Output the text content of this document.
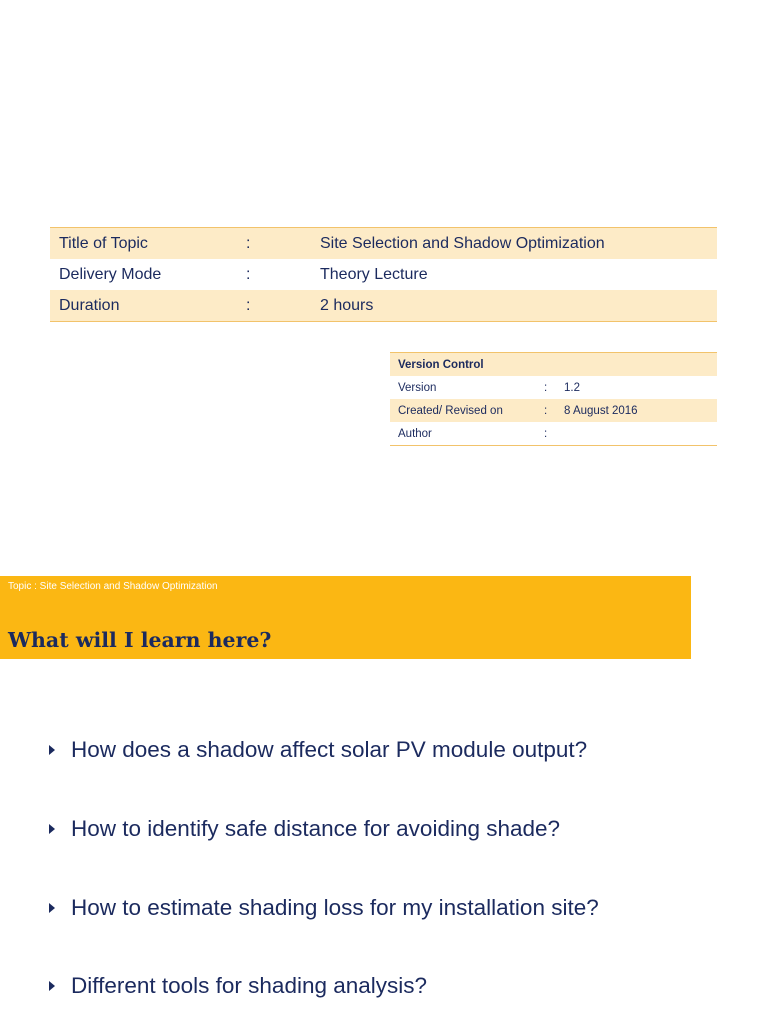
Title of Topic	:	Site Selection and Shadow Optimization
Delivery Mode	:	Theory Lecture
Duration	:	2 hours
Version Control
Version	:	1.2
Created/ Revised on	:	8 August 2016
Author	:
Topic : Site Selection and Shadow Optimization
What will I learn here?
How does a shadow affect solar PV module output?
How to identify safe distance for avoiding shade?
How to estimate shading loss for my installation site?
Different tools for shading analysis?
